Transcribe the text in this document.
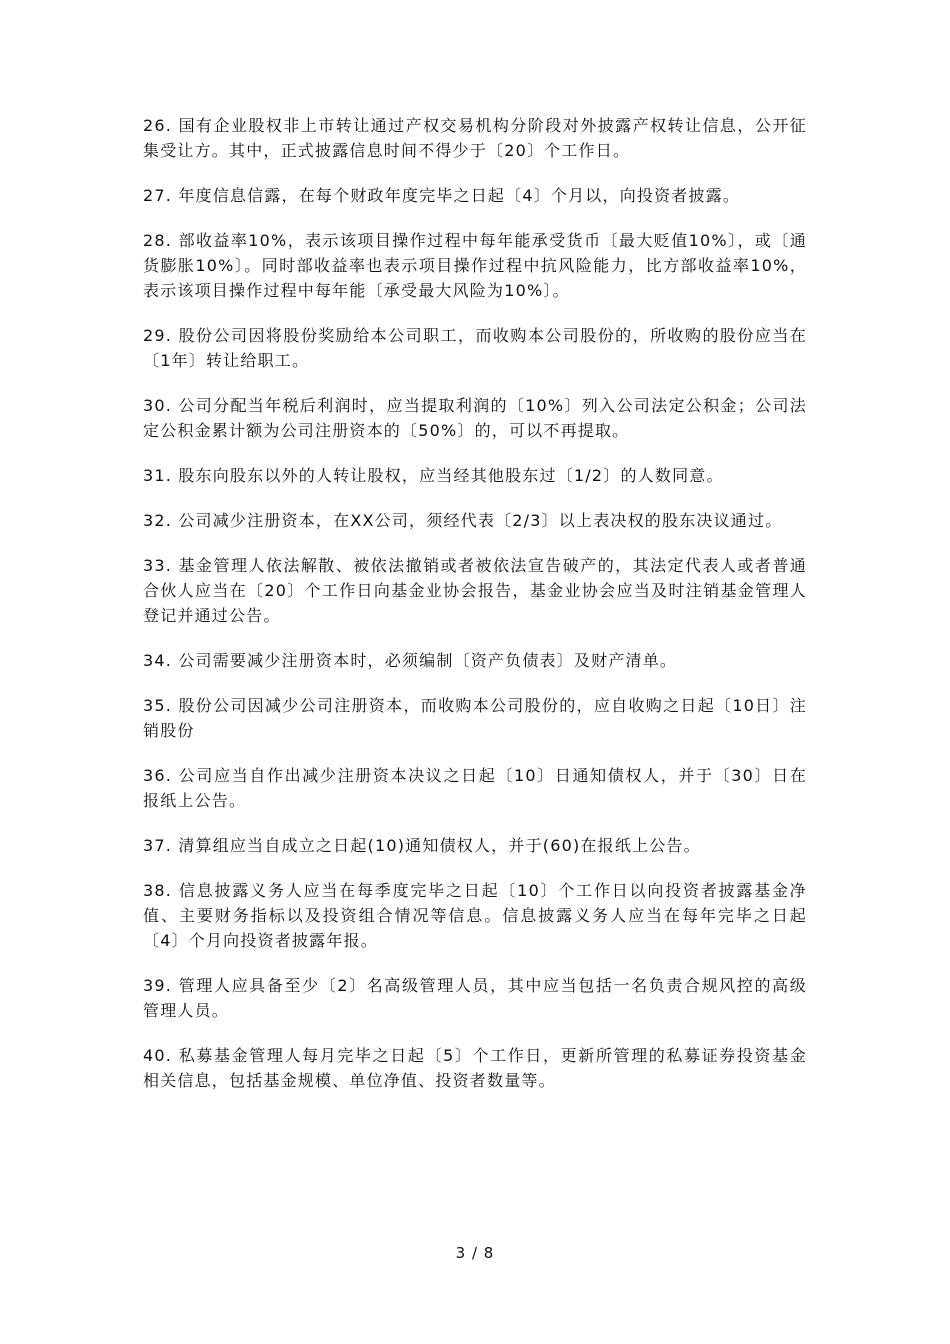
26. 国有企业股权非上市转让通过产权交易机构分阶段对外披露产权转让信息，公开征集受让方。其中，正式披露信息时间不得少于〔20〕个工作日。

27. 年度信息信露，在每个财政年度完毕之日起〔4〕个月以，向投资者披露。

28. 部收益率10%，表示该项目操作过程中每年能承受货币〔最大贬值10%〕，或〔通货膨胀10%〕。同时部收益率也表示项目操作过程中抗风险能力，比方部收益率10%，表示该项目操作过程中每年能〔承受最大风险为10%〕。

29. 股份公司因将股份奖励给本公司职工，而收购本公司股份的，所收购的股份应当在〔1年〕转让给职工。

30. 公司分配当年税后利润时，应当提取利润的〔10%〕列入公司法定公积金；公司法定公积金累计额为公司注册资本的〔50%〕的，可以不再提取。

31. 股东向股东以外的人转让股权，应当经其他股东过〔1/2〕的人数同意。

32. 公司减少注册资本，在XX公司，须经代表〔2/3〕以上表决权的股东决议通过。

33. 基金管理人依法解散、被依法撤销或者被依法宣告破产的，其法定代表人或者普通合伙人应当在〔20〕个工作日向基金业协会报告，基金业协会应当及时注销基金管理人登记并通过公告。

34. 公司需要减少注册资本时，必须编制〔资产负债表〕及财产清单。

35. 股份公司因减少公司注册资本，而收购本公司股份的，应自收购之日起〔10日〕注销股份

36. 公司应当自作出减少注册资本决议之日起〔10〕日通知债权人，并于〔30〕日在报纸上公告。

37. 清算组应当自成立之日起(10)通知债权人，并于(60)在报纸上公告。

38. 信息披露义务人应当在每季度完毕之日起〔10〕个工作日以向投资者披露基金净值、主要财务指标以及投资组合情况等信息。信息披露义务人应当在每年完毕之日起〔4〕个月向投资者披露年报。

39. 管理人应具备至少〔2〕名高级管理人员，其中应当包括一名负责合规风控的高级管理人员。

40. 私募基金管理人每月完毕之日起〔5〕个工作日，更新所管理的私募证券投资基金相关信息，包括基金规模、单位净值、投资者数量等。

3 / 8
